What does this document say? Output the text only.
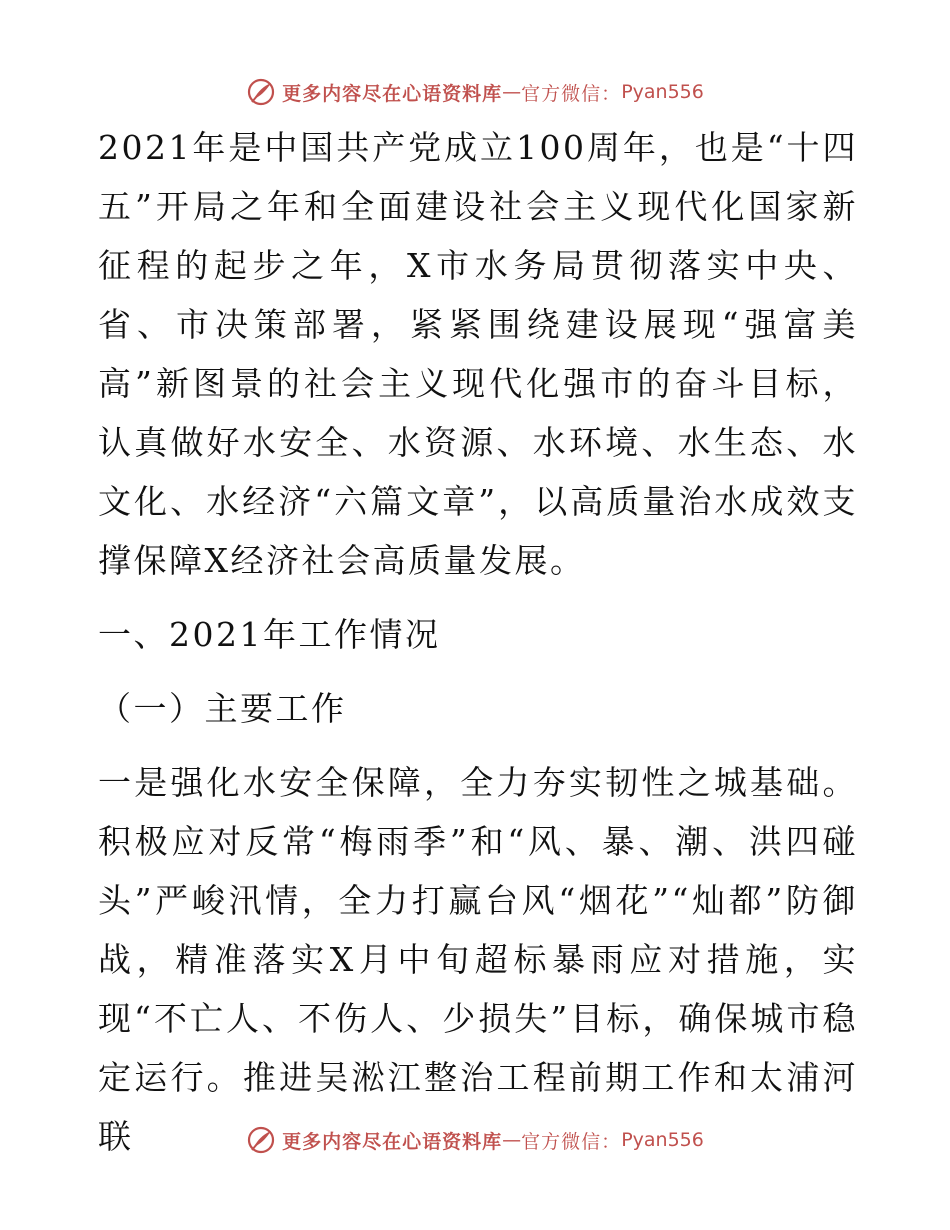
更多内容尽在心语资料库 — 官方微信： Pyan556

2021年是中国共产党成立100周年，也是“十四五”开局之年和全面建设社会主义现代化国家新征程的起步之年，X市水务局贯彻落实中央、省、市决策部署，紧紧围绕建设展现“强富美高”新图景的社会主义现代化强市的奋斗目标，认真做好水安全、水资源、水环境、水生态、水文化、水经济“六篇文章”，以高质量治水成效支撑保障X经济社会高质量发展。

一、2021年工作情况

（一）主要工作

一是强化水安全保障，全力夯实韧性之城基础。积极应对反常“梅雨季”和“风、暴、潮、洪四碰头”严峻汛情，全力打赢台风“烟花”“灿都”防御战，精准落实X月中旬超标暴雨应对措施，实现“不亡人、不伤人、少损失”目标，确保城市稳定运行。推进吴淞江整治工程前期工作和太浦河联	更多内容尽在心语资料库 — 官方微信： Pyan556
